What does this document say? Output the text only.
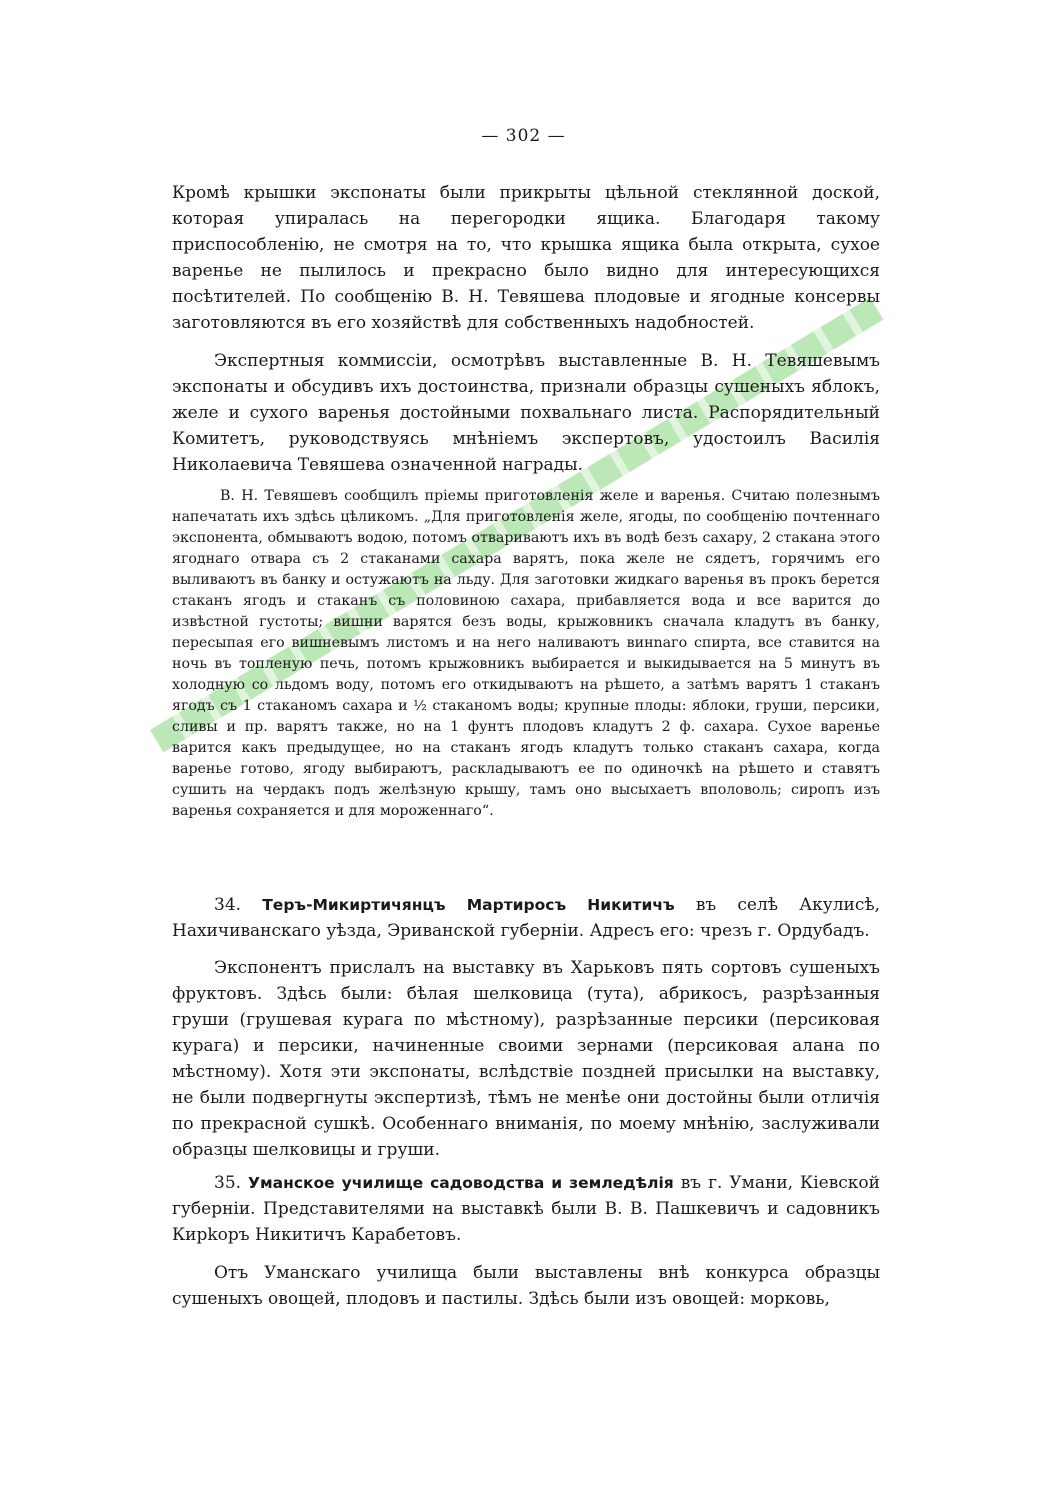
— 302 —

Кромѣ крышки экспонаты были прикрыты цѣльной стеклянной доской, которая упиралась на перегородки ящика. Благодаря такому приспособленію, не смотря на то, что крышка ящика была открыта, сухое варенье не пылилось и прекрасно было видно для интересующихся посѣтителей. По сообщенію В. Н. Тевяшева плодовые и ягодные консервы заготовляются въ его хозяйствѣ для собственныхъ надобностей.

Экспертныя коммиссіи, осмотрѣвъ выставленные В. Н. Тевяшевымъ экспонаты и обсудивъ ихъ достоинства, признали образцы сушеныхъ яблокъ, желе и сухого варенья достойными похвальнаго листа. Распорядительный Комитетъ, руководствуясь мнѣніемъ экспертовъ, удостоилъ Василія Николаевича Тевяшева означенной награды.

В. Н. Тевяшевъ сообщилъ пріемы приготовленія желе и варенья. Считаю полезнымъ напечатать ихъ здѣсь цѣликомъ. „Для приготовленія желе, ягоды, по сообщенію почтеннаго экспонента, обмываютъ водою, потомъ отвариваютъ ихъ въ водѣ безъ сахару, 2 стакана этого ягоднаго отвара съ 2 стаканами сахара варятъ, пока желе не сядетъ, горячимъ его выливаютъ въ банку и остужаютъ на льду. Для заготовки жидкаго варенья въ прокъ берется стаканъ ягодъ и стаканъ съ половиною сахара, прибавляется вода и все варится до извѣстной густоты; вишни варятся безъ воды, крыжовникъ сначала кладутъ въ банку, пересыпая его вишневымъ листомъ и на него наливаютъ винnаго спирта, все ставится на ночь въ топленую печь, потомъ крыжовникъ выбирается и выкидывается на 5 минутъ въ холодную со льдомъ воду, потомъ его откидываютъ на рѣшето, а затѣмъ варятъ 1 стаканъ ягодъ съ 1 стаканомъ сахара и ½ стаканомъ воды; крупные плоды: яблоки, груши, персики, сливы и пр. варятъ также, но на 1 фунтъ плодовъ кладутъ 2 ф. сахара. Сухое варенье варится какъ предыдущее, но на стаканъ ягодъ кладутъ только стаканъ сахара, когда варенье готово, ягоду выбираютъ, раскладываютъ ее по одиночкѣ на рѣшето и ставятъ сушить на чердакъ подъ желѣзную крышу, тамъ оно высыхаетъ вполоволь; сиропъ изъ варенья сохраняется и для мороженнаго“.

34. Теръ-Микиртичянцъ Мартиросъ Никитичъ въ селѣ Акулисѣ, Нахичиванскаго уѣзда, Эриванской губерніи. Адресъ его: чрезъ г. Ордубадъ.

Экспонентъ прислалъ на выставку въ Харьковъ пять сортовъ сушеныхъ фруктовъ. Здѣсь были: бѣлая шелковица (тута), абрикосъ, разрѣзанныя груши (грушевая курага по мѣстному), разрѣзанные персики (персиковая курага) и персики, начиненные своими зернами (персиковая алана по мѣстному). Хотя эти экспонаты, вслѣдствіе поздней присылки на выставку, не были подвергнуты экспертизѣ, тѣмъ не менѣе они достойны были отличія по прекрасной сушкѣ. Особеннаго вниманія, по моему мнѣнію, заслуживали образцы шелковицы и груши.

35. Уманское училище садоводства и земледѣлія въ г. Умани, Кіевской губерніи. Представителями на выставкѣ были В. В. Пашкевичъ и садовникъ Кирkоръ Никитичъ Карабетовъ.

Отъ Уманскаго училища были выставлены внѣ конкурса образцы сушеныхъ овощей, плодовъ и пастилы. Здѣсь были изъ овощей: морковь,
